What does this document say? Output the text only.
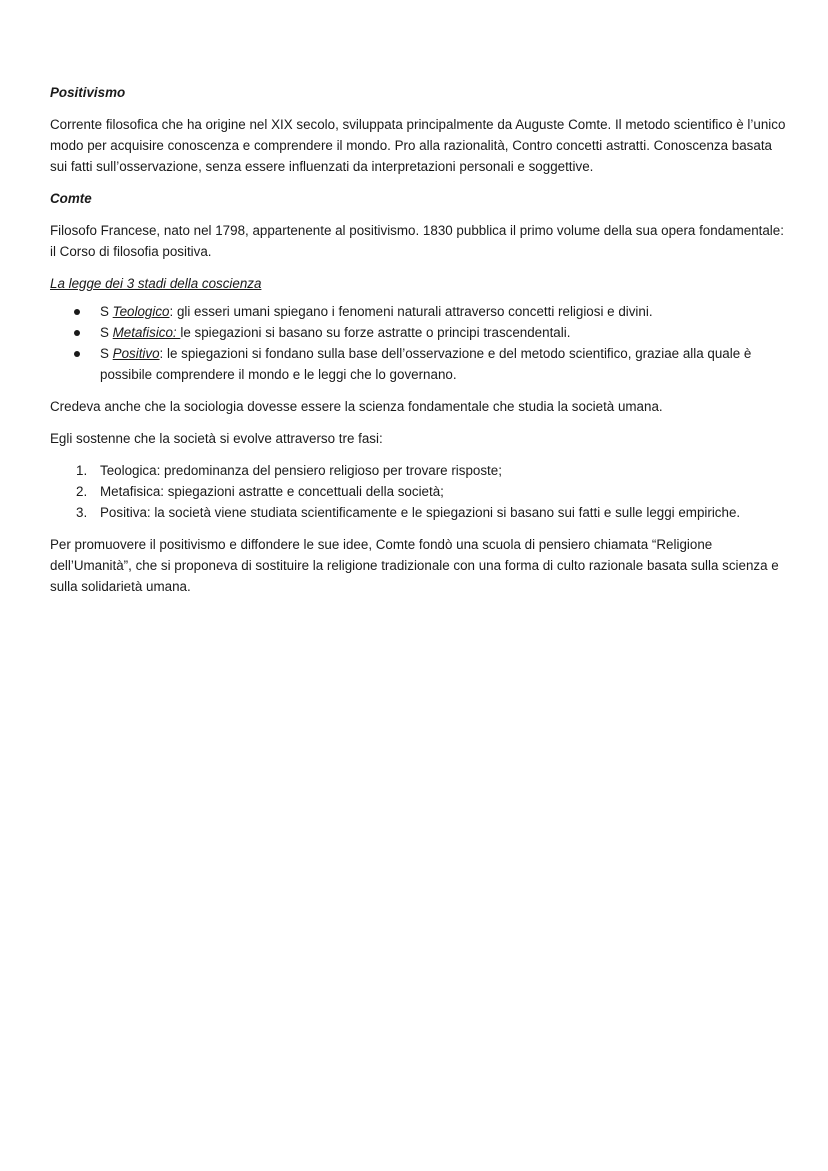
Positivismo
Corrente filosofica che ha origine nel XIX secolo, sviluppata principalmente da Auguste Comte. Il metodo scientifico è l’unico modo per acquisire conoscenza e comprendere il mondo. Pro alla razionalità, Contro concetti astratti. Conoscenza basata sui fatti sull’osservazione, senza essere influenzati da interpretazioni personali e soggettive.
Comte
Filosofo Francese, nato nel 1798, appartenente al positivismo. 1830 pubblica il primo volume della sua opera fondamentale: il Corso di filosofia positiva.
La legge dei 3 stadi della coscienza
S Teologico: gli esseri umani spiegano i fenomeni naturali attraverso concetti religiosi e divini.
S Metafisico: le spiegazioni si basano su forze astratte o principi trascendentali.
S Positivo: le spiegazioni si fondano sulla base dell’osservazione e del metodo scientifico, graziae alla quale è possibile comprendere il mondo e le leggi che lo governano.
Credeva anche che la sociologia dovesse essere la scienza fondamentale che studia la società umana.
Egli sostenne che la società si evolve attraverso tre fasi:
1. Teologica: predominanza del pensiero religioso per trovare risposte;
2. Metafisica: spiegazioni astratte e concettuali della società;
3. Positiva: la società viene studiata scientificamente e le spiegazioni si basano sui fatti e sulle leggi empiriche.
Per promuovere il positivismo e diffondere le sue idee, Comte fondò una scuola di pensiero chiamata “Religione dell’Umanità”, che si proponeva di sostituire la religione tradizionale con una forma di culto razionale basata sulla scienza e sulla solidarietà umana.
